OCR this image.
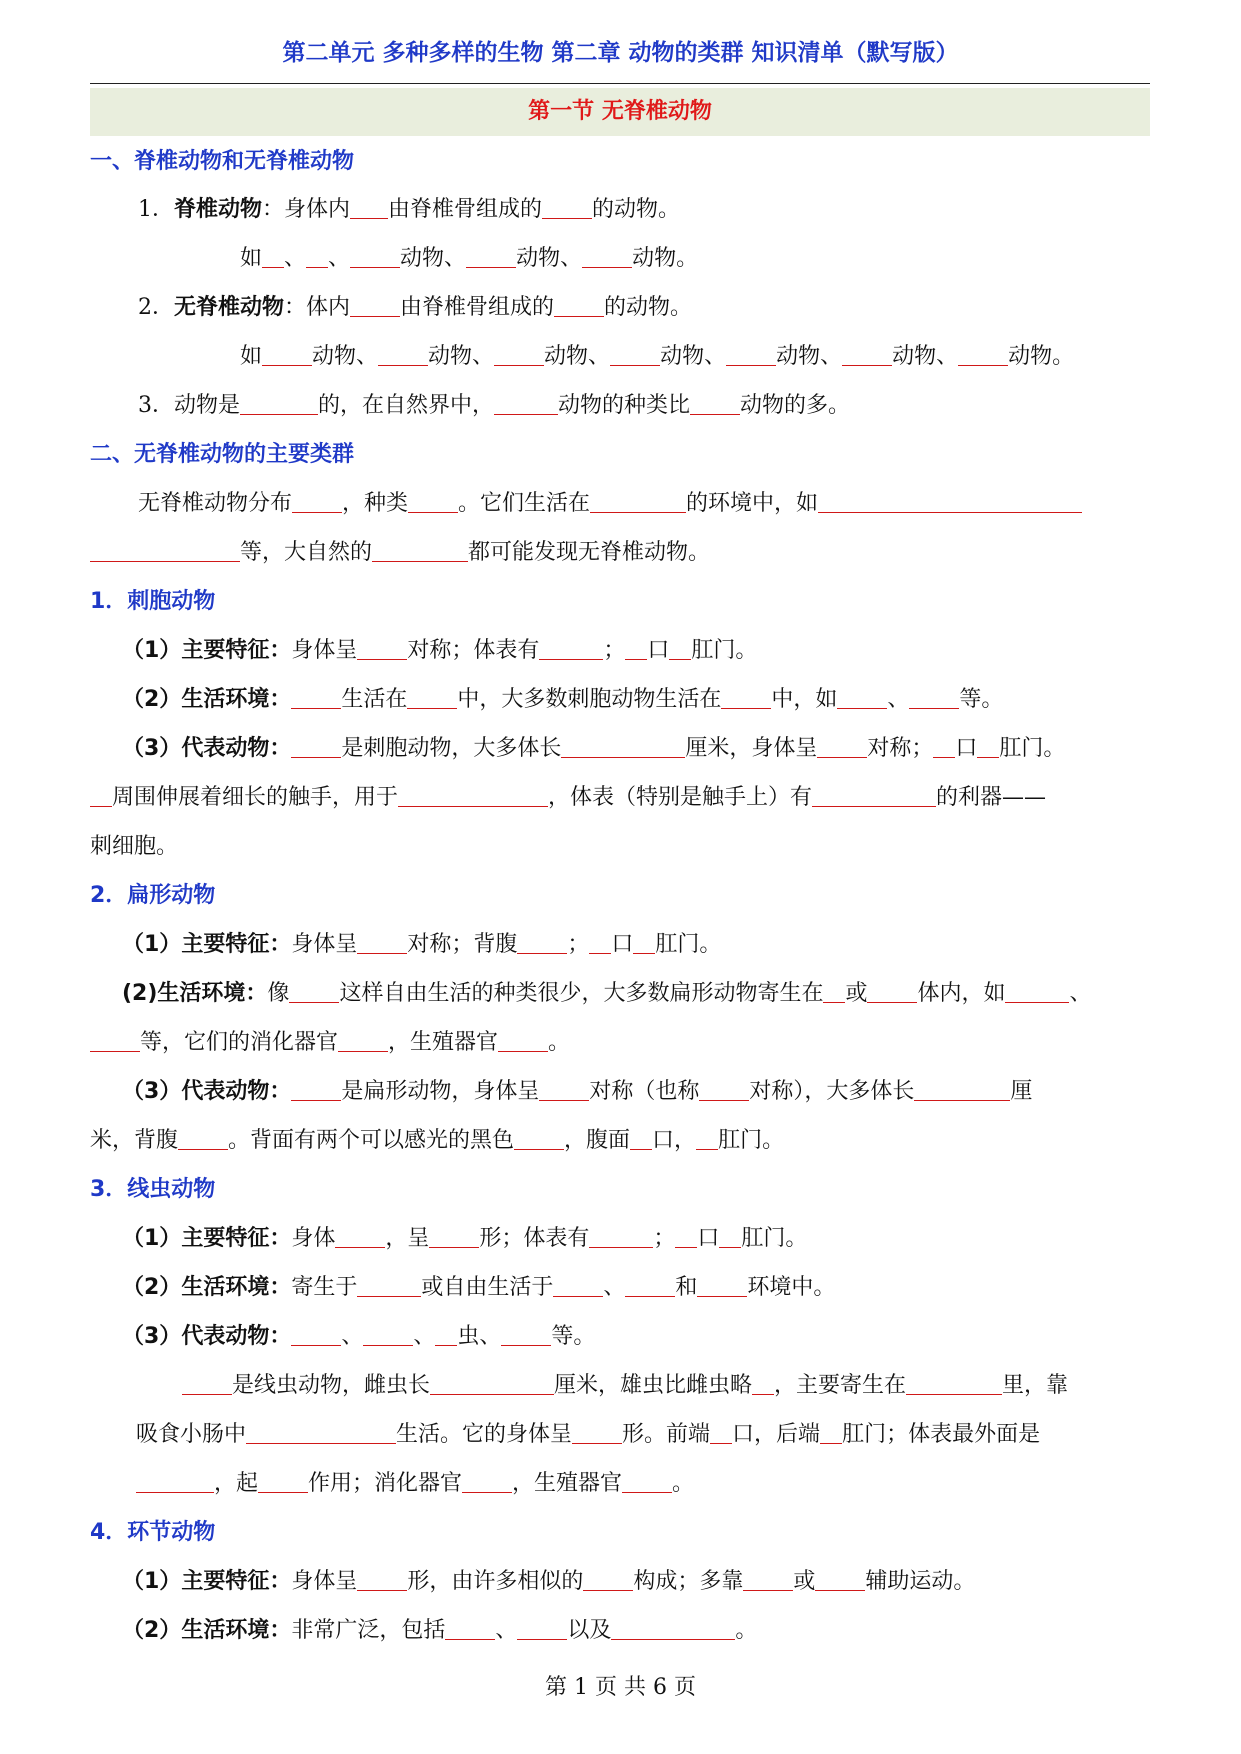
第二单元 多种多样的生物 第二章 动物的类群 知识清单（默写版）
第一节 无脊椎动物
一、脊椎动物和无脊椎动物
1．脊椎动物：身体内 由脊椎骨组成的 的动物。
如 、 、 动物、 动物、 动物。
2．无脊椎动物：体内 由脊椎骨组成的 的动物。
如 动物、 动物、 动物、 动物、 动物、 动物、 动物。
3．动物是	的，在自然界中，	动物的种类比 动物的多。
二、无脊椎动物的主要类群
无脊椎动物分布 ，种类 。它们生活在	的环境中，如
等，大自然的	都可能发现无脊椎动物。
1．刺胞动物
（1）主要特征：身体呈 对称；体表有	； 口 肛门。
（2）生活环境： 生活在 中，大多数刺胞动物生活在 中，如 、 等。
（3）代表动物： 是刺胞动物，大多体长	厘米，身体呈 对称； 口 肛门。
周围伸展着细长的触手，用于	，体表（特别是触手上）有	的利器——
刺细胞。
2．扁形动物
（1）主要特征：身体呈 对称；背腹 ； 口 肛门。
(2)生活环境：像 这样自由生活的种类很少，大多数扁形动物寄生在 或 体内，如	、
等，它们的消化器官 ，生殖器官 。
（3）代表动物： 是扁形动物，身体呈 对称（也称 对称），大多体长	厘
米，背腹 。背面有两个可以感光的黑色 ，腹面 口， 肛门。
3．线虫动物
（1）主要特征：身体 ，呈 形；体表有	； 口 肛门。
（2）生活环境：寄生于	或自由生活于 、 和 环境中。
（3）代表动物： 、 、 虫、 等。
是线虫动物，雌虫长	厘米，雄虫比雌虫略 ，主要寄生在	里，靠
吸食小肠中	生活。它的身体呈 形。前端 口，后端 肛门；体表最外面是
，起 作用；消化器官 ，生殖器官 。
4．环节动物
（1）主要特征：身体呈 形，由许多相似的 构成；多靠 或 辅助运动。
（2）生活环境：非常广泛，包括 、 以及	。
第 1 页 共 6 页
